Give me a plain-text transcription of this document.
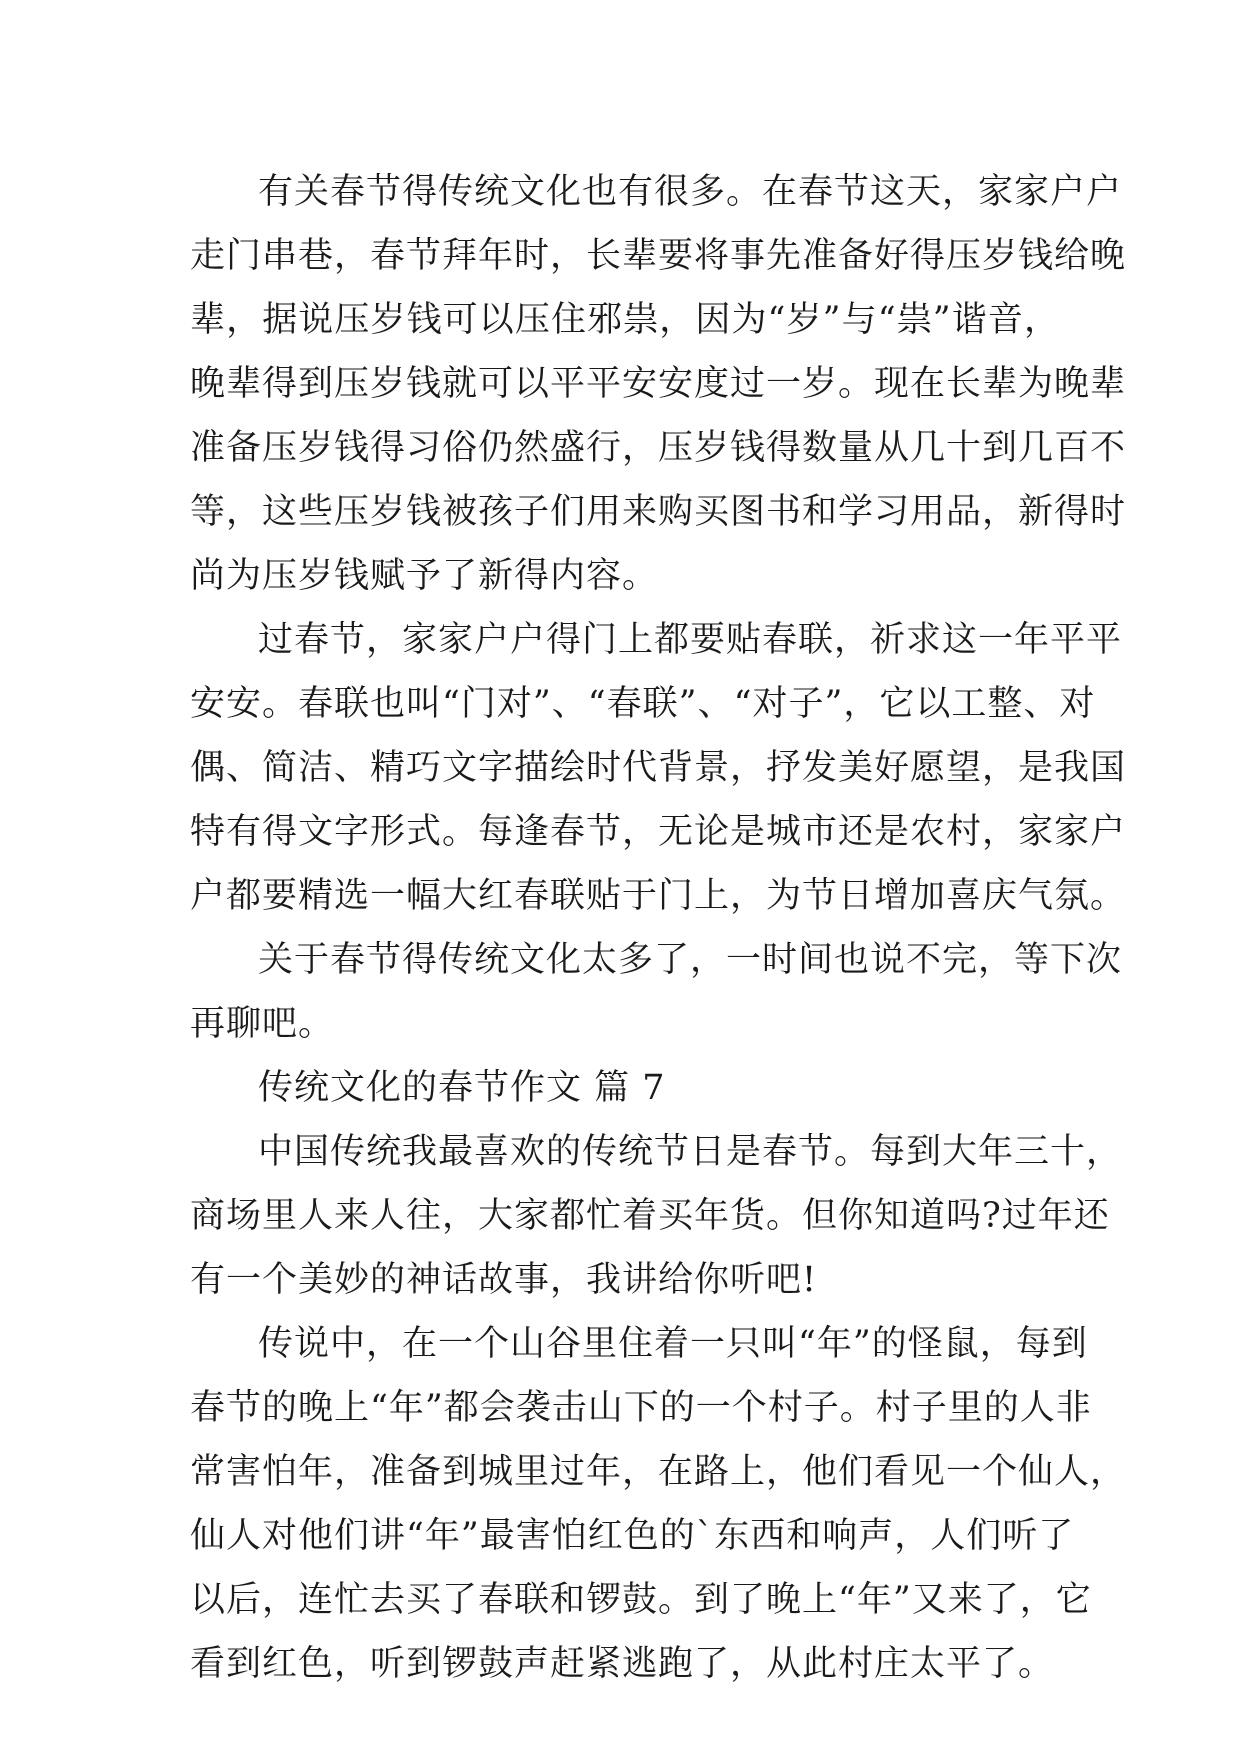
有关春节得传统文化也有很多。在春节这天，家家户户
走门串巷，春节拜年时，长辈要将事先准备好得压岁钱给晚
辈，据说压岁钱可以压住邪祟，因为“岁”与“祟”谐音，
晚辈得到压岁钱就可以平平安安度过一岁。现在长辈为晚辈
准备压岁钱得习俗仍然盛行，压岁钱得数量从几十到几百不
等，这些压岁钱被孩子们用来购买图书和学习用品，新得时
尚为压岁钱赋予了新得内容。
过春节，家家户户得门上都要贴春联，祈求这一年平平
安安。春联也叫“门对”、“春联”、“对子”，它以工整、对
偶、简洁、精巧文字描绘时代背景，抒发美好愿望，是我国
特有得文字形式。每逢春节，无论是城市还是农村，家家户
户都要精选一幅大红春联贴于门上，为节日增加喜庆气氛。
关于春节得传统文化太多了，一时间也说不完，等下次
再聊吧。
传统文化的春节作文 篇 7
中国传统我最喜欢的传统节日是春节。每到大年三十，
商场里人来人往，大家都忙着买年货。但你知道吗?过年还
有一个美妙的神话故事，我讲给你听吧!
传说中，在一个山谷里住着一只叫“年”的怪鼠，每到
春节的晚上“年”都会袭击山下的一个村子。村子里的人非
常害怕年，准备到城里过年，在路上，他们看见一个仙人，
仙人对他们讲“年”最害怕红色的`东西和响声，人们听了
以后，连忙去买了春联和锣鼓。到了晚上“年”又来了，它
看到红色，听到锣鼓声赶紧逃跑了，从此村庄太平了。
